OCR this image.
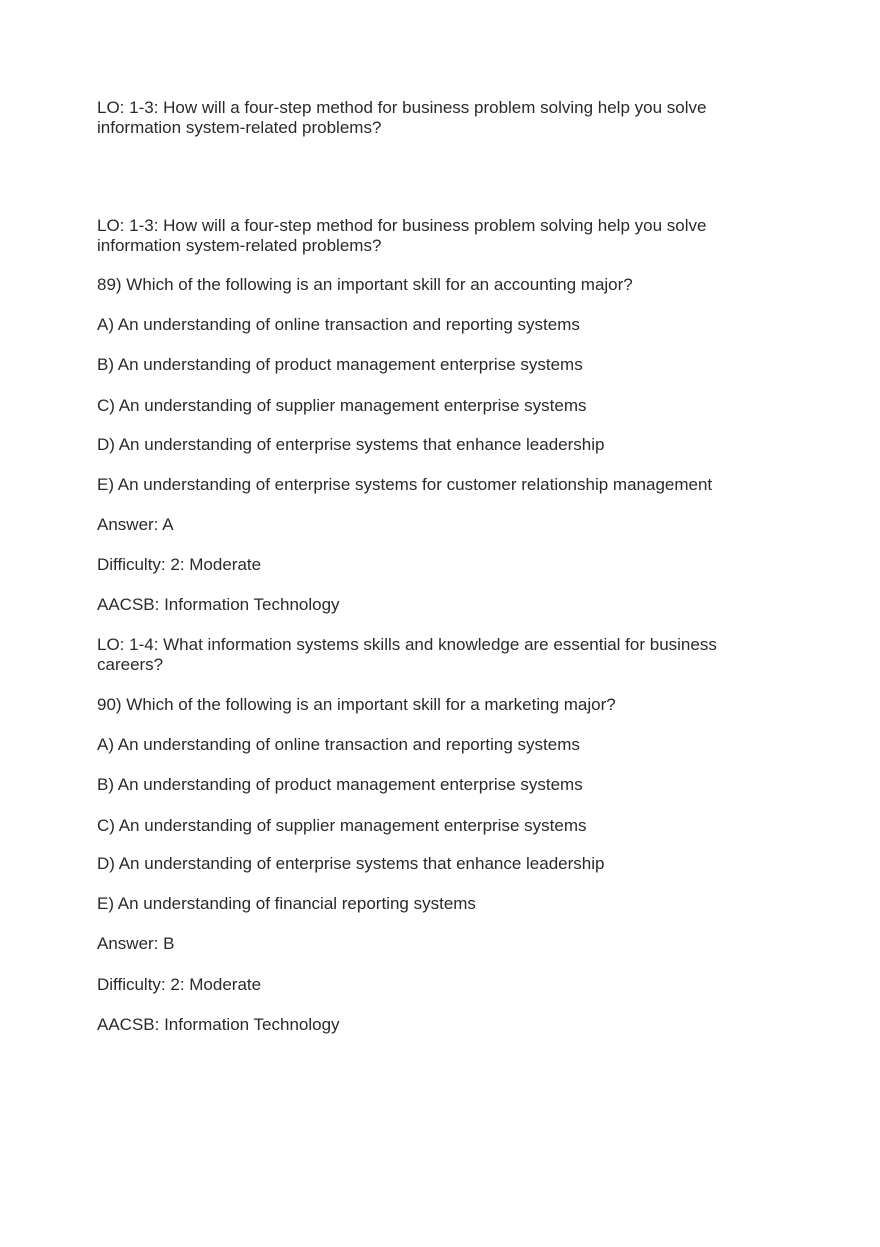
LO: 1-3: How will a four-step method for business problem solving help you solve information system-related problems?
LO: 1-3: How will a four-step method for business problem solving help you solve information system-related problems?
89) Which of the following is an important skill for an accounting major?
A) An understanding of online transaction and reporting systems
B) An understanding of product management enterprise systems
C) An understanding of supplier management enterprise systems
D) An understanding of enterprise systems that enhance leadership
E) An understanding of enterprise systems for customer relationship management
Answer: A
Difficulty: 2: Moderate
AACSB: Information Technology
LO: 1-4: What information systems skills and knowledge are essential for business careers?
90) Which of the following is an important skill for a marketing major?
A) An understanding of online transaction and reporting systems
B) An understanding of product management enterprise systems
C) An understanding of supplier management enterprise systems
D) An understanding of enterprise systems that enhance leadership
E) An understanding of financial reporting systems
Answer: B
Difficulty: 2: Moderate
AACSB: Information Technology
